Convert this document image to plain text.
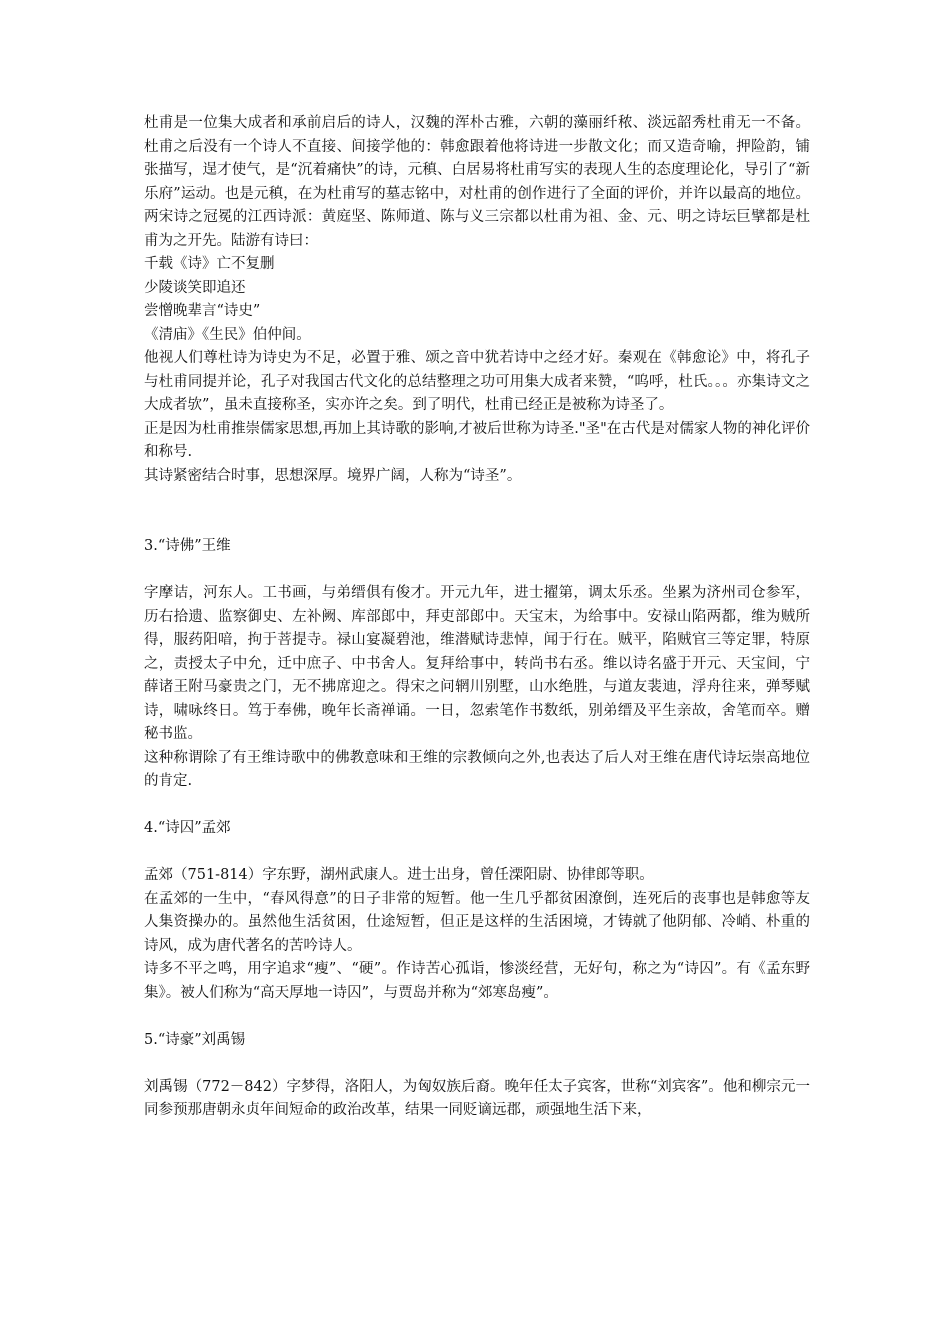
杜甫是一位集大成者和承前启后的诗人，汉魏的浑朴古雅，六朝的藻丽纤秾、淡远韶秀杜甫无一不备。杜甫之后没有一个诗人不直接、间接学他的：韩愈跟着他将诗进一步散文化；而又造奇喻，押险韵，铺张描写，逞才使气，是“沉着痛快”的诗，元稹、白居易将杜甫写实的表现人生的态度理论化，导引了“新乐府”运动。也是元稹，在为杜甫写的墓志铭中，对杜甫的创作进行了全面的评价，并许以最高的地位。两宋诗之冠冕的江西诗派：黄庭坚、陈师道、陈与义三宗都以杜甫为祖、金、元、明之诗坛巨擘都是杜甫为之开先。陆游有诗曰：

千载《诗》亡不复删

少陵谈笑即追还

尝憎晚辈言“诗史”

《清庙》《生民》伯仲间。

他视人们尊杜诗为诗史为不足，必置于雅、颂之音中犹若诗中之经才好。秦观在《韩愈论》中，将孔子与杜甫同提并论，孔子对我国古代文化的总结整理之功可用集大成者来赞，“呜呼，杜氏。。。亦集诗文之大成者欤”，虽未直接称圣，实亦许之矣。到了明代，杜甫已经正是被称为诗圣了。

正是因为杜甫推崇儒家思想,再加上其诗歌的影响,才被后世称为诗圣."圣"在古代是对儒家人物的神化评价和称号.

其诗紧密结合时事，思想深厚。境界广阔，人称为“诗圣”。

3.“诗佛”王维

字摩诘，河东人。工书画，与弟缙俱有俊才。开元九年，进士擢第，调太乐丞。坐累为济州司仓参军，历右拾遗、监察御史、左补阙、库部郎中，拜吏部郎中。天宝末，为给事中。安禄山陷两都，维为贼所得，服药阳喑，拘于菩提寺。禄山宴凝碧池，维潜赋诗悲悼，闻于行在。贼平，陷贼官三等定罪，特原之，责授太子中允，迁中庶子、中书舍人。复拜给事中，转尚书右丞。维以诗名盛于开元、天宝间，宁薛诸王附马豪贵之门，无不拂席迎之。得宋之问辋川别墅，山水绝胜，与道友裴迪，浮舟往来，弹琴赋诗，啸咏终日。笃于奉佛，晚年长斋禅诵。一日，忽索笔作书数纸，别弟缙及平生亲故，舍笔而卒。赠秘书监。

这种称谓除了有王维诗歌中的佛教意味和王维的宗教倾向之外,也表达了后人对王维在唐代诗坛崇高地位的肯定.

4.“诗囚”孟郊

孟郊（751-814）字东野，湖州武康人。进士出身，曾任溧阳尉、协律郎等职。

在孟郊的一生中，“春风得意”的日子非常的短暂。他一生几乎都贫困潦倒，连死后的丧事也是韩愈等友人集资操办的。虽然他生活贫困，仕途短暂，但正是这样的生活困境，才铸就了他阴郁、冷峭、朴重的诗风，成为唐代著名的苦吟诗人。

诗多不平之鸣，用字追求“瘦”、“硬”。作诗苦心孤诣，惨淡经营，无好句，称之为“诗囚”。有《孟东野集》。被人们称为“高天厚地一诗囚”，与贾岛并称为“郊寒岛瘦”。

5.“诗豪”刘禹锡

刘禹锡（772－842）字梦得，洛阳人，为匈奴族后裔。晚年任太子宾客，世称“刘宾客”。他和柳宗元一同参预那唐朝永贞年间短命的政治改革，结果一同贬谪远郡，顽强地生活下来，
